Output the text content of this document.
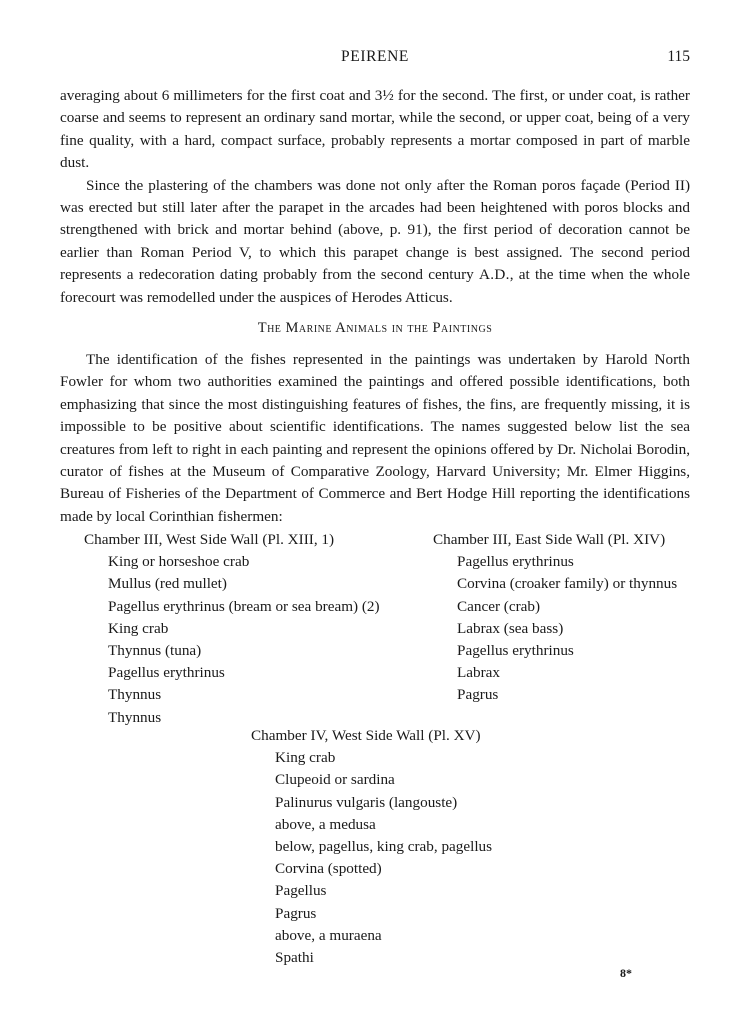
PEIRENE	115

averaging about 6 millimeters for the first coat and 3½ for the second. The first, or under coat, is rather coarse and seems to represent an ordinary sand mortar, while the second, or upper coat, being of a very fine quality, with a hard, compact surface, probably represents a mortar composed in part of marble dust.

Since the plastering of the chambers was done not only after the Roman poros façade (Period II) was erected but still later after the parapet in the arcades had been heightened with poros blocks and strengthened with brick and mortar behind (above, p. 91), the first period of decoration cannot be earlier than Roman Period V, to which this parapet change is best assigned. The second period represents a redecoration dating probably from the second century A.D., at the time when the whole forecourt was remodelled under the auspices of Herodes Atticus.

The Marine Animals in the Paintings

The identification of the fishes represented in the paintings was undertaken by Harold North Fowler for whom two authorities examined the paintings and offered possible identifications, both emphasizing that since the most distinguishing features of fishes, the fins, are frequently missing, it is impossible to be positive about scientific identifications. The names suggested below list the sea creatures from left to right in each painting and represent the opinions offered by Dr. Nicholai Borodin, curator of fishes at the Museum of Comparative Zoology, Harvard University; Mr. Elmer Higgins, Bureau of Fisheries of the Department of Commerce and Bert Hodge Hill reporting the identifications made by local Corinthian fishermen:

Chamber III, West Side Wall (Pl. XIII, 1)
King or horseshoe crab
Mullus (red mullet)
Pagellus erythrinus (bream or sea bream) (2)
King crab
Thynnus (tuna)
Pagellus erythrinus
Thynnus
Thynnus
Chamber III, East Side Wall (Pl. XIV)
Pagellus erythrinus
Corvina (croaker family) or thynnus
Cancer (crab)
Labrax (sea bass)
Pagellus erythrinus
Labrax
Pagrus
Chamber IV, West Side Wall (Pl. XV)
King crab
Clupeoid or sardina
Palinurus vulgaris (langouste)
above, a medusa
below, pagellus, king crab, pagellus
Corvina (spotted)
Pagellus
Pagrus
above, a muraena
Spathi
8*
